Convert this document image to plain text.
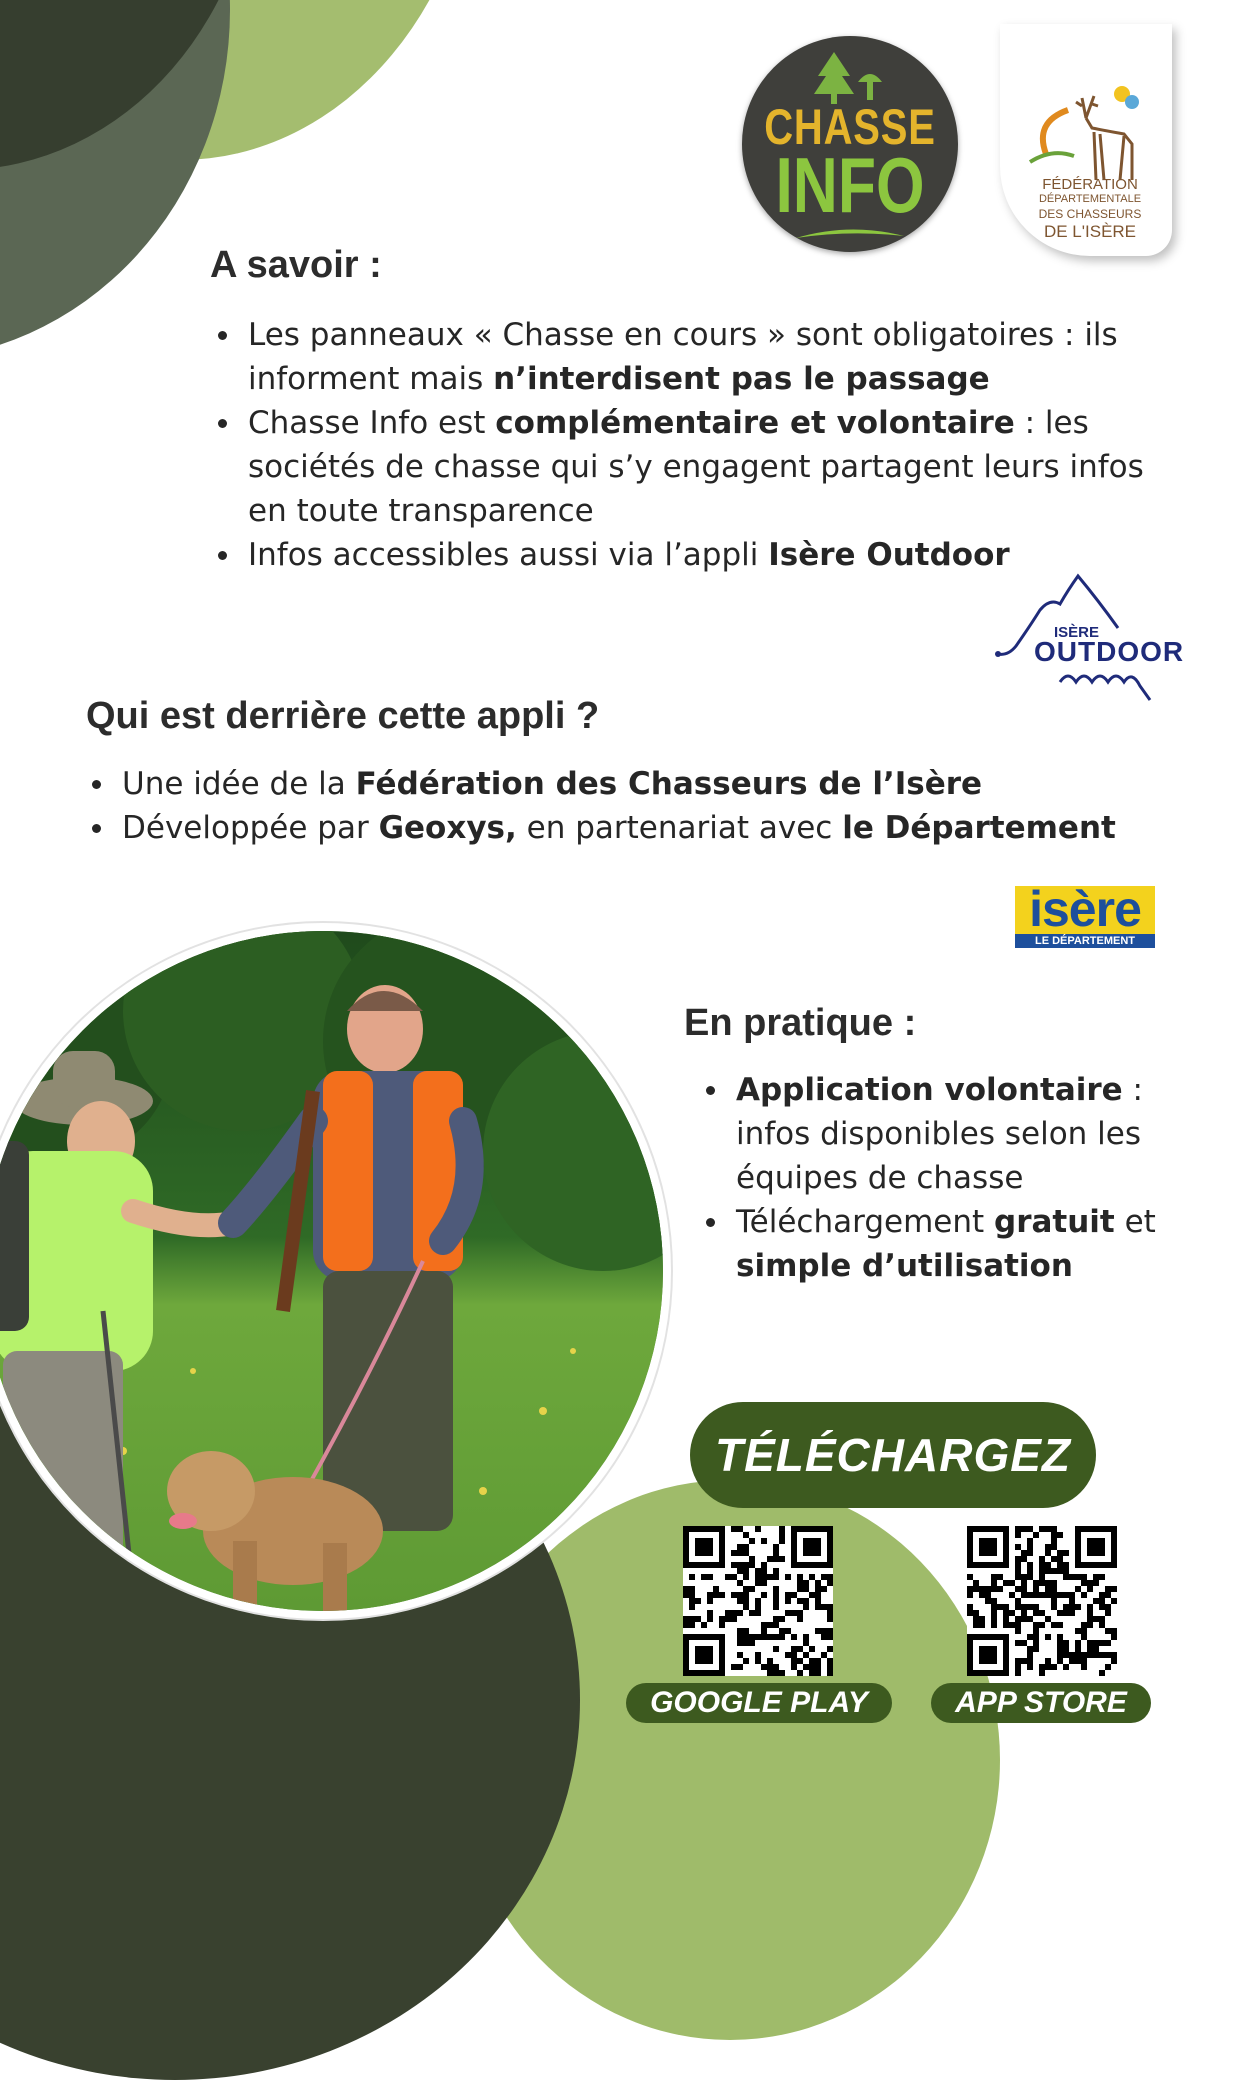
CHASSE
INFO	FÉDÉRATION
DÉPARTEMENTALE
DES CHASSEURS
DE L'ISÈRE
A savoir :
Les panneaux « Chasse en cours » sont obligatoires : ils informent mais n’interdisent pas le passage
Chasse Info est complémentaire et volontaire : les sociétés de chasse qui s’y engagent partagent leurs infos en toute transparence
Infos accessibles aussi via l’appli Isère Outdoor
ISÈRE
OUTDOOR
Qui est derrière cette appli ?
Une idée de la Fédération des Chasseurs de l’Isère
Développée par Geoxys, en partenariat avec le Département
isère
LE DÉPARTEMENT
En pratique :
Application volontaire : infos disponibles selon les équipes de chasse
Téléchargement gratuit et simple d’utilisation
TÉLÉCHARGEZ
GOOGLE PLAY	APP STORE
